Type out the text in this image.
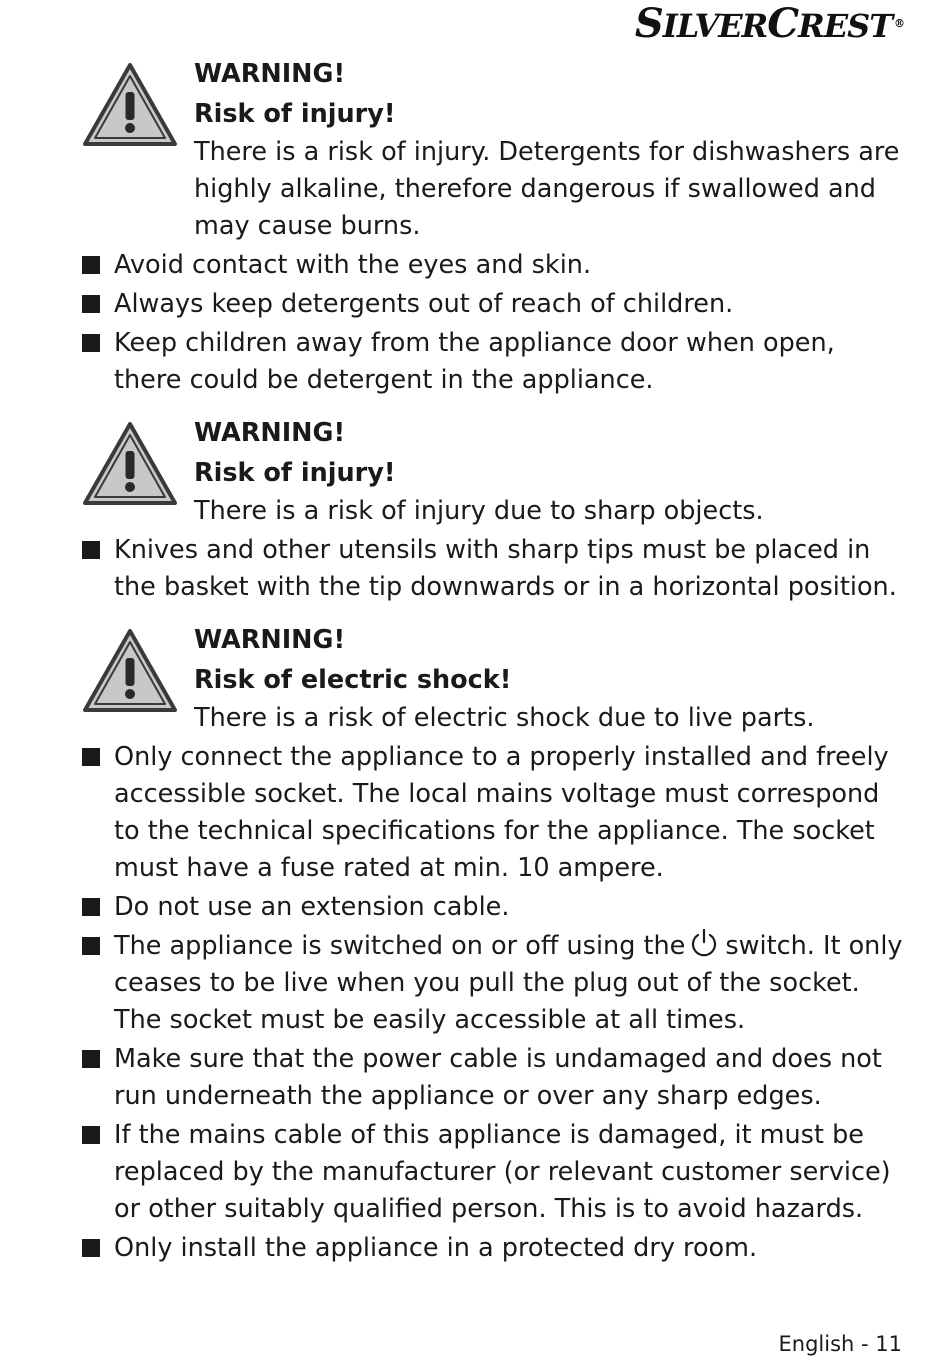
SILVERCREST ®
WARNING!
Risk of injury!
There is a risk of injury. Detergents for dishwashers are highly alkaline, therefore dangerous if swallowed and may cause burns.
Avoid contact with the eyes and skin.
Always keep detergents out of reach of children.
Keep children away from the appliance door when open, there could be detergent in the appliance.
WARNING!
Risk of injury!
There is a risk of injury due to sharp objects.
Knives and other utensils with sharp tips must be placed in the basket with the tip downwards or in a horizontal position.
WARNING!
Risk of electric shock!
There is a risk of electric shock due to live parts.
Only connect the appliance to a properly installed and freely accessible socket. The local mains voltage must correspond to the technical specifications for the appliance. The socket must have a fuse rated at min. 10 ampere.
Do not use an extension cable.
The appliance is switched on or off using the switch. It only ceases to be live when you pull the plug out of the socket. The socket must be easily accessible at all times.
Make sure that the power cable is undamaged and does not run underneath the appliance or over any sharp edges.
If the mains cable of this appliance is damaged, it must be replaced by the manufacturer (or relevant customer service) or other suitably qualified person. This is to avoid hazards.
Only install the appliance in a protected dry room.
English - 11
